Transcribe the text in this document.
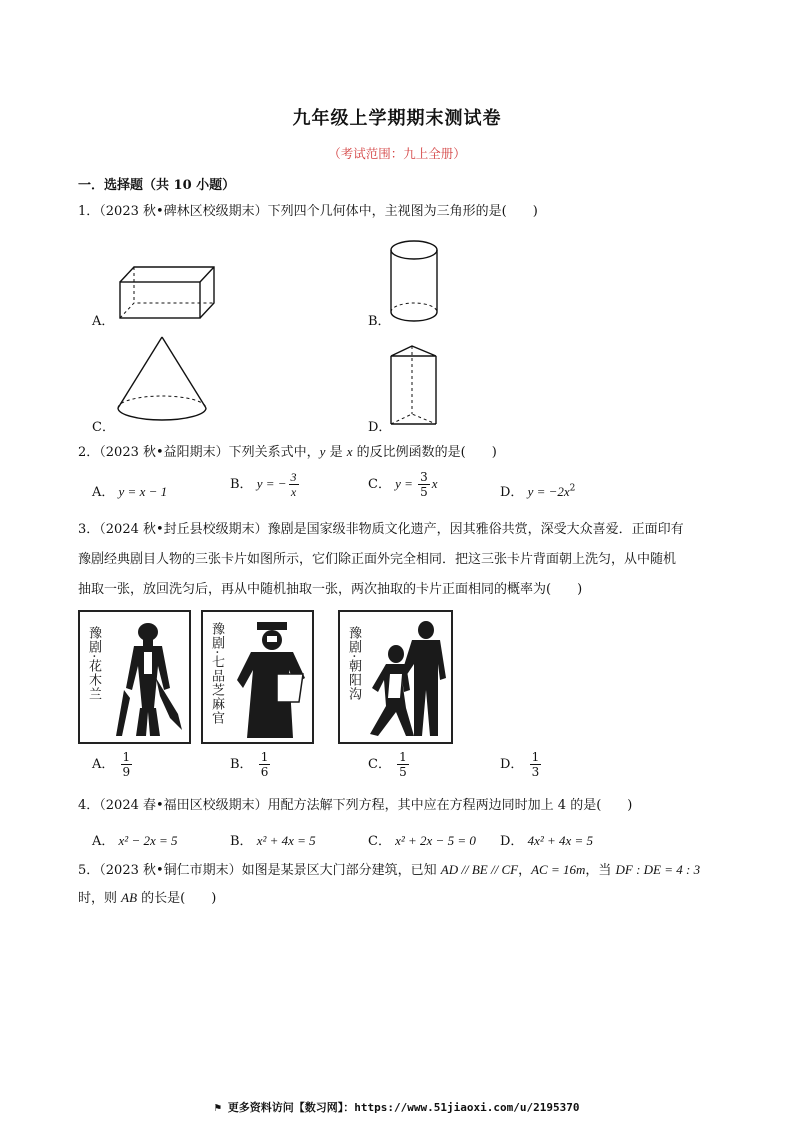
九年级上学期期末测试卷
（考试范围：九上全册）
一．选择题（共 10 小题）
1．（2023 秋•碑林区校级期末）下列四个几何体中，主视图为三角形的是(　　)
A．	B．
C．	D．
2．（2023 秋•益阳期末）下列关系式中，y 是 x 的反比例函数的是(　　)
A． y = x − 1	B． y = − $\frac{3}{x}$	C． $y = \frac{3}{5}$ x
D． $y = -2x^2$
3．（2024 秋•封丘县校级期末）豫剧是国家级非物质文化遗产，因其雅俗共赏，深受大众喜爱．正面印有
豫剧经典剧目人物的三张卡片如图所示，它们除正面外完全相同．把这三张卡片背面朝上洗匀，从中随机
抽取一张，放回洗匀后，再从中随机抽取一张，两次抽取的卡片正面相同的概率为(　　)
豫剧·花木兰	豫剧·七品芝麻官	豫剧·朝阳沟
A． $\frac{1}{9}$	B． $\frac{1}{6}$	C． $\frac{1}{5}$	D． $\frac{1}{3}$
4．（2024 春•福田区校级期末）用配方法解下列方程，其中应在方程两边同时加上 4 的是(　　)
A． x² − 2x = 5	B． x² + 4x = 5	C． x² + 2x − 5 = 0 D． 4x² + 4x = 5
5．（2023 秋•铜仁市期末）如图是某景区大门部分建筑，已知 AD // BE // CF，AC = 16m，当 DF : DE = 4 : 3
时，则 AB 的长是(　　)
⚑ 更多资料访问【数习网】：https://www.51jiaoxi.com/u/2195370
